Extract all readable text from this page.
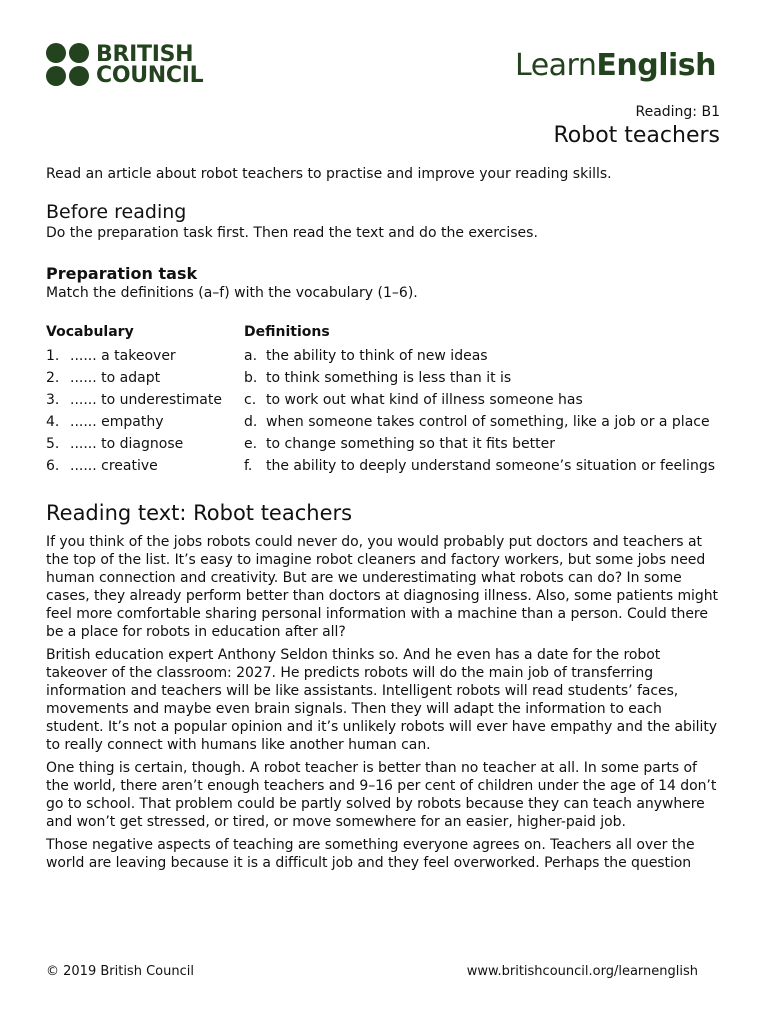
BRITISH
COUNCIL	LearnEnglish
Reading: B1
Robot teachers
Read an article about robot teachers to practise and improve your reading skills.
Before reading
Do the preparation task first. Then read the text and do the exercises.
Preparation task
Match the definitions (a–f) with the vocabulary (1–6).
Vocabulary
1. ...... a takeover
2. ...... to adapt
3. ...... to underestimate
4. ...... empathy
5. ...... to diagnose
6. ...... creative
Definitions
a. the ability to think of new ideas
b. to think something is less than it is
c. to work out what kind of illness someone has
d. when someone takes control of something, like a job or a place
e. to change something so that it fits better
f. the ability to deeply understand someone’s situation or feelings
Reading text: Robot teachers
If you think of the jobs robots could never do, you would probably put doctors and teachers at the top of the list. It’s easy to imagine robot cleaners and factory workers, but some jobs need human connection and creativity. But are we underestimating what robots can do? In some cases, they already perform better than doctors at diagnosing illness. Also, some patients might feel more comfortable sharing personal information with a machine than a person. Could there be a place for robots in education after all?
British education expert Anthony Seldon thinks so. And he even has a date for the robot takeover of the classroom: 2027. He predicts robots will do the main job of transferring information and teachers will be like assistants. Intelligent robots will read students’ faces, movements and maybe even brain signals. Then they will adapt the information to each student. It’s not a popular opinion and it’s unlikely robots will ever have empathy and the ability to really connect with humans like another human can.
One thing is certain, though. A robot teacher is better than no teacher at all. In some parts of the world, there aren’t enough teachers and 9–16 per cent of children under the age of 14 don’t go to school. That problem could be partly solved by robots because they can teach anywhere and won’t get stressed, or tired, or move somewhere for an easier, higher-paid job.
Those negative aspects of teaching are something everyone agrees on. Teachers all over the world are leaving because it is a difficult job and they feel overworked. Perhaps the question
© 2019 British Council	www.britishcouncil.org/learnenglish
